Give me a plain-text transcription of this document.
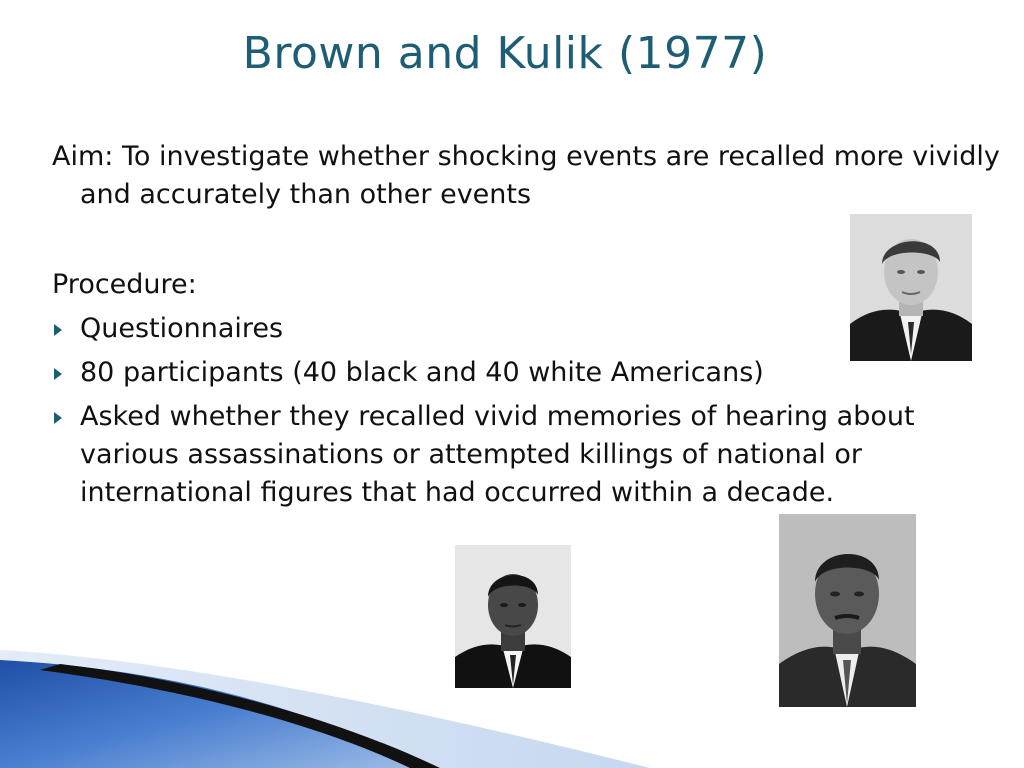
Brown and Kulik (1977)
Aim: To investigate whether shocking events are recalled more vividly and accurately than other events
Procedure:
Questionnaires
80 participants (40 black and 40 white Americans)
Asked whether they recalled vivid memories of hearing about various assassinations or attempted killings of national or international figures that had occurred within a decade.
